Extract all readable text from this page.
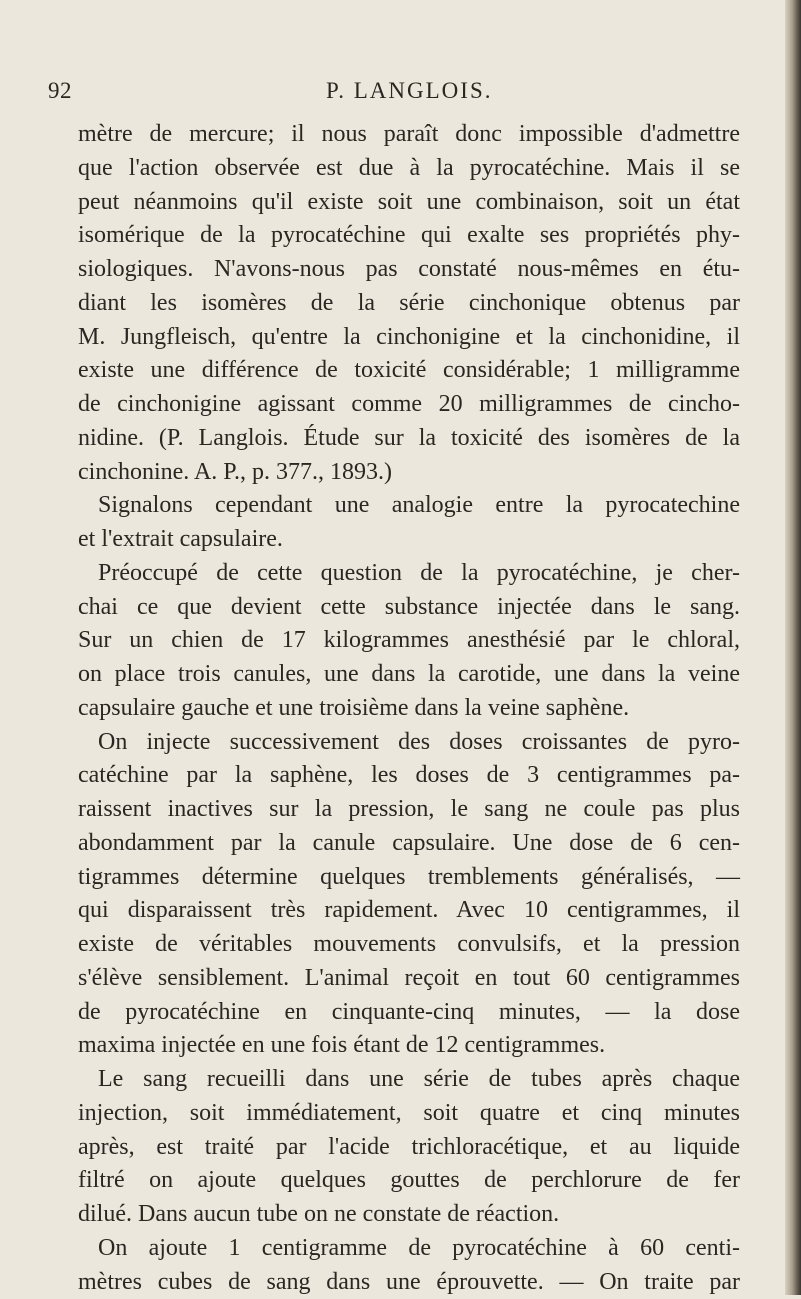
92	P. LANGLOIS.
mètre de mercure; il nous paraît donc impossible d'admettre
que l'action observée est due à la pyrocatéchine. Mais il se
peut néanmoins qu'il existe soit une combinaison, soit un état
isomérique de la pyrocatéchine qui exalte ses propriétés phy-
siologiques. N'avons-nous pas constaté nous-mêmes en étu-
diant les isomères de la série cinchonique obtenus par
M. Jungfleisch, qu'entre la cinchonigine et la cinchonidine, il
existe une différence de toxicité considérable; 1 milligramme
de cinchonigine agissant comme 20 milligrammes de cincho-
nidine. (P. Langlois. Étude sur la toxicité des isomères de la
cinchonine. A. P., p. 377., 1893.)
Signalons cependant une analogie entre la pyrocatechine
et l'extrait capsulaire.
Préoccupé de cette question de la pyrocatéchine, je cher-
chai ce que devient cette substance injectée dans le sang.
Sur un chien de 17 kilogrammes anesthésié par le chloral,
on place trois canules, une dans la carotide, une dans la veine
capsulaire gauche et une troisième dans la veine saphène.
On injecte successivement des doses croissantes de pyro-
catéchine par la saphène, les doses de 3 centigrammes pa-
raissent inactives sur la pression, le sang ne coule pas plus
abondamment par la canule capsulaire. Une dose de 6 cen-
tigrammes détermine quelques tremblements généralisés, —
qui disparaissent très rapidement. Avec 10 centigrammes, il
existe de véritables mouvements convulsifs, et la pression
s'élève sensiblement. L'animal reçoit en tout 60 centigrammes
de pyrocatéchine en cinquante-cinq minutes, — la dose
maxima injectée en une fois étant de 12 centigrammes.
Le sang recueilli dans une série de tubes après chaque
injection, soit immédiatement, soit quatre et cinq minutes
après, est traité par l'acide trichloracétique, et au liquide
filtré on ajoute quelques gouttes de perchlorure de fer
dilué. Dans aucun tube on ne constate de réaction.
On ajoute 1 centigramme de pyrocatéchine à 60 centi-
mètres cubes de sang dans une éprouvette. — On traite par
